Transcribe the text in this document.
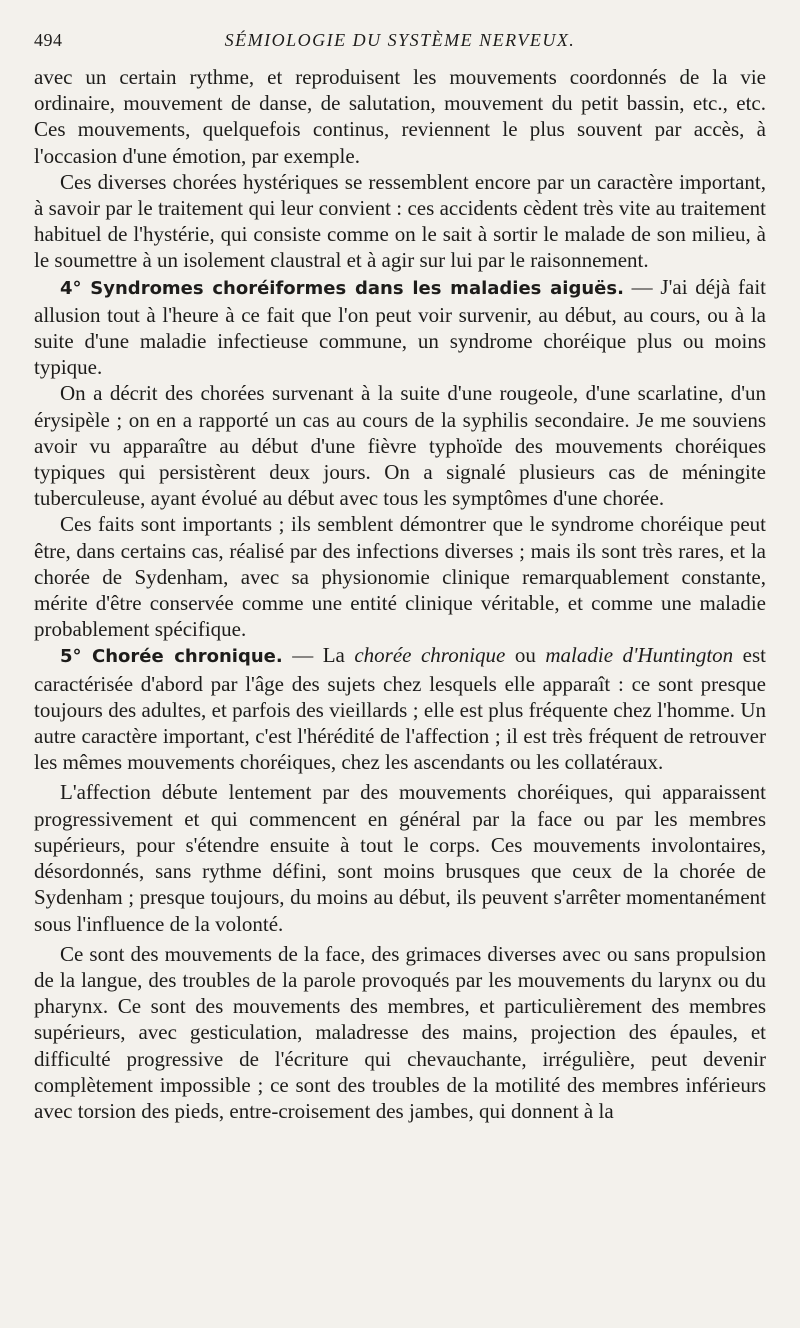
494	SÉMIOLOGIE DU SYSTÈME NERVEUX.

avec un certain rythme, et reproduisent les mouvements coordonnés de la vie ordinaire, mouvement de danse, de salutation, mouvement du petit bassin, etc., etc. Ces mouvements, quelquefois continus, reviennent le plus souvent par accès, à l'occasion d'une émotion, par exemple.

Ces diverses chorées hystériques se ressemblent encore par un caractère important, à savoir par le traitement qui leur convient : ces accidents cèdent très vite au traitement habituel de l'hystérie, qui consiste comme on le sait à sortir le malade de son milieu, à le soumettre à un isolement claustral et à agir sur lui par le raisonnement.

4° Syndromes choréiformes dans les maladies aiguës. — J'ai déjà fait allusion tout à l'heure à ce fait que l'on peut voir survenir, au début, au cours, ou à la suite d'une maladie infectieuse commune, un syndrome choréique plus ou moins typique.

On a décrit des chorées survenant à la suite d'une rougeole, d'une scarlatine, d'un érysipèle ; on en a rapporté un cas au cours de la syphilis secondaire. Je me souviens avoir vu apparaître au début d'une fièvre typhoïde des mouvements choréiques typiques qui persistèrent deux jours. On a signalé plusieurs cas de méningite tuberculeuse, ayant évolué au début avec tous les symptômes d'une chorée.

Ces faits sont importants ; ils semblent démontrer que le syndrome choréique peut être, dans certains cas, réalisé par des infections diverses ; mais ils sont très rares, et la chorée de Sydenham, avec sa physionomie clinique remarquablement constante, mérite d'être conservée comme une entité clinique véritable, et comme une maladie probablement spécifique.

5° Chorée chronique. — La chorée chronique ou maladie d'Huntington est caractérisée d'abord par l'âge des sujets chez lesquels elle apparaît : ce sont presque toujours des adultes, et parfois des vieillards ; elle est plus fréquente chez l'homme. Un autre caractère important, c'est l'hérédité de l'affection ; il est très fréquent de retrouver les mêmes mouvements choréiques, chez les ascendants ou les collatéraux.

L'affection débute lentement par des mouvements choréiques, qui apparaissent progressivement et qui commencent en général par la face ou par les membres supérieurs, pour s'étendre ensuite à tout le corps. Ces mouvements involontaires, désordonnés, sans rythme défini, sont moins brusques que ceux de la chorée de Sydenham ; presque toujours, du moins au début, ils peuvent s'arrêter momentanément sous l'influence de la volonté.

Ce sont des mouvements de la face, des grimaces diverses avec ou sans propulsion de la langue, des troubles de la parole provoqués par les mouvements du larynx ou du pharynx. Ce sont des mouvements des membres, et particulièrement des membres supérieurs, avec gesticulation, maladresse des mains, projection des épaules, et difficulté progressive de l'écriture qui chevauchante, irrégulière, peut devenir complètement impossible ; ce sont des troubles de la motilité des membres inférieurs avec torsion des pieds, entre-croisement des jambes, qui donnent à la
